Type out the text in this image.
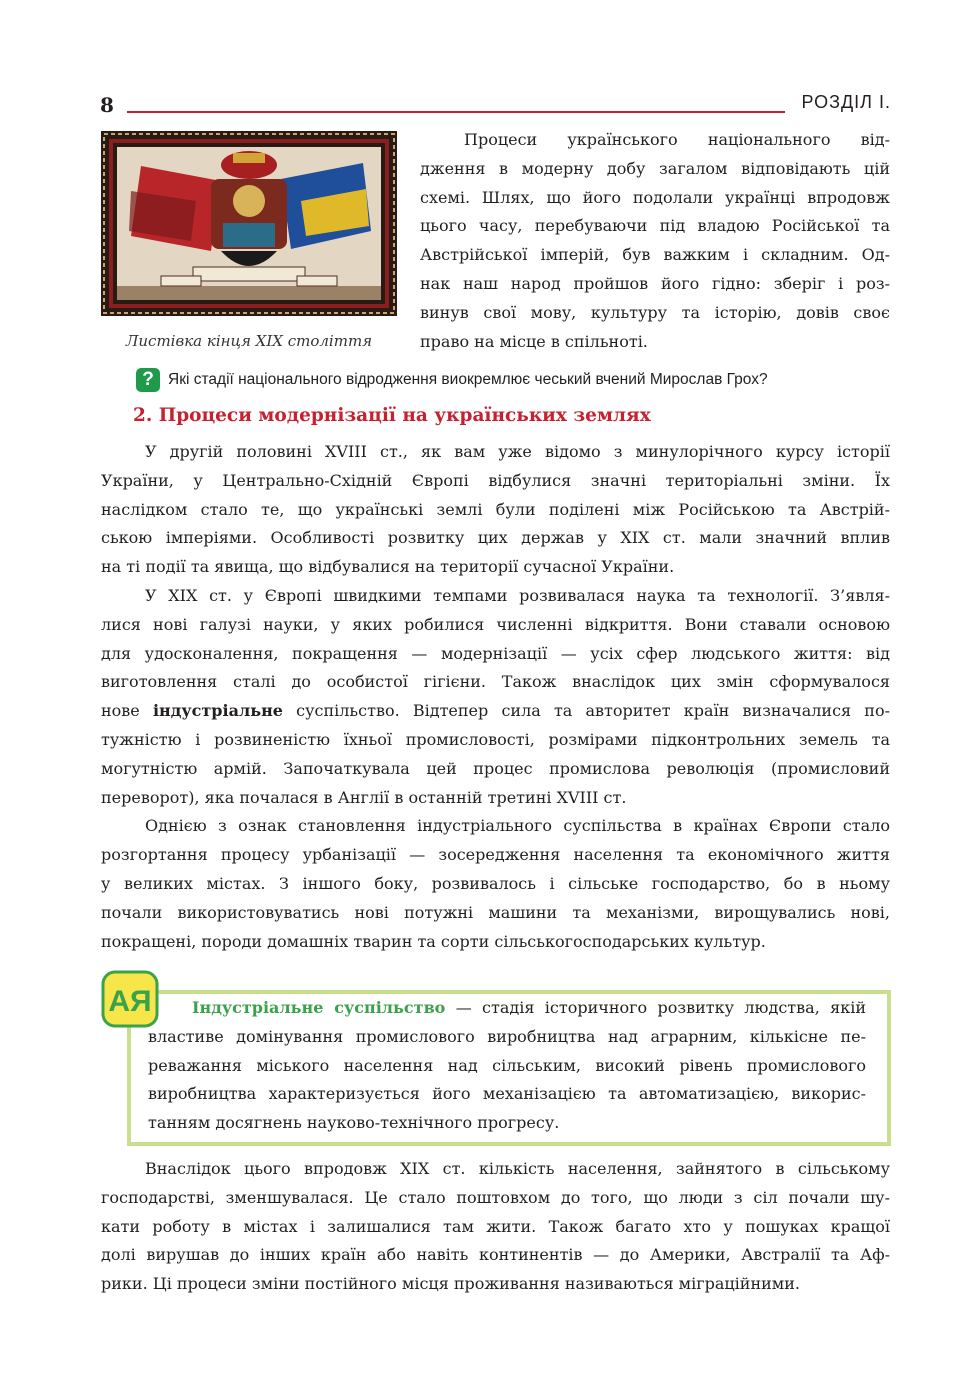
8	РОЗДІЛ І.
Листівка кінця ХІХ століття
Процеси українського національного від-
дження в модерну добу загалом відповідають цій
схемі. Шлях, що його подолали українці впродовж
цього часу, перебуваючи під владою Російської та
Австрійської імперій, був важким і складним. Од-
нак наш народ пройшов його гідно: зберіг і роз-
винув свої мову, культуру та історію, довів своє
право на місце в спільноті.
? Які стадії національного відродження виокремлює чеський вчений Мирослав Грох?
2. Процеси модернізації на українських землях
У другій половині XVIII ст., як вам уже відомо з минулорічного курсу історії
України, у Центрально-Східній Європі відбулися значні територіальні зміни. Їх
наслідком стало те, що українські землі були поділені між Російською та Австрій-
ською імперіями. Особливості розвитку цих держав у XIX ст. мали значний вплив
на ті події та явища, що відбувалися на території сучасної України.
У XIX ст. у Європі швидкими темпами розвивалася наука та технології. З’явля-
лися нові галузі науки, у яких робилися численні відкриття. Вони ставали основою
для удосконалення, покращення — модернізації — усіх сфер людського життя: від
виготовлення сталі до особистої гігієни. Також внаслідок цих змін сформувалося
нове індустріальне суспільство. Відтепер сила та авторитет країн визначалися по-
тужністю і розвиненістю їхньої промисловості, розмірами підконтрольних земель та
могутністю армій. Започаткувала цей процес промислова революція (промисловий
переворот), яка почалася в Англії в останній третині XVIII ст.
Однією з ознак становлення індустріального суспільства в країнах Європи стало
розгортання процесу урбанізації — зосередження населення та економічного життя
у великих містах. З іншого боку, розвивалось і сільське господарство, бо в ньому
почали використовуватись нові потужні машини та механізми, вирощувались нові,
покращені, породи домашніх тварин та сорти сільськогосподарських культур.
АЯ	Індустріальне суспільство — стадія історичного розвитку людства, якій
властиве домінування промислового виробництва над аграрним, кількісне пе-
реважання міського населення над сільським, високий рівень промислового
виробництва характеризується його механізацією та автоматизацією, викорис-
танням досягнень науково-технічного прогресу.
Внаслідок цього впродовж XIX ст. кількість населення, зайнятого в сільському
господарстві, зменшувалася. Це стало поштовхом до того, що люди з сіл почали шу-
кати роботу в містах і залишалися там жити. Також багато хто у пошуках кращої
долі вирушав до інших країн або навіть континентів — до Америки, Австралії та Аф-
рики. Ці процеси зміни постійного місця проживання називаються міграційними.
